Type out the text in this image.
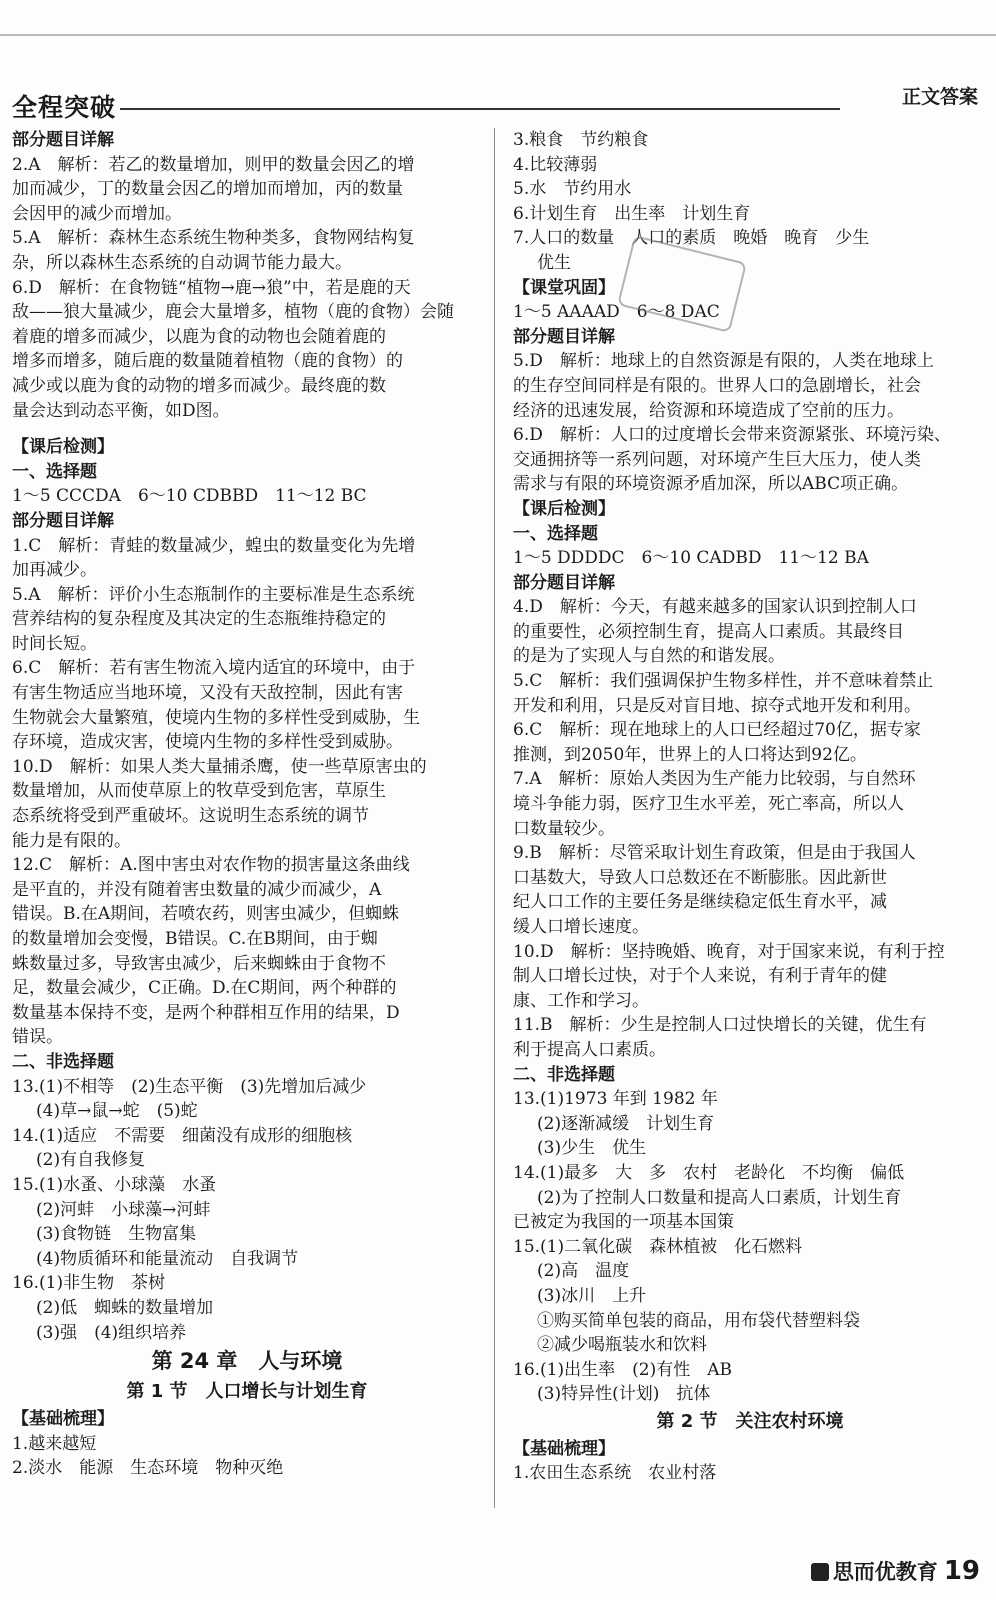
全程突破	正文答案
部分题目详解
2.A　解析：若乙的数量增加，则甲的数量会因乙的增
加而减少，丁的数量会因乙的增加而增加，丙的数量
会因甲的减少而增加。
5.A　解析：森林生态系统生物种类多，食物网结构复
杂，所以森林生态系统的自动调节能力最大。
6.D　解析：在食物链“植物→鹿→狼”中，若是鹿的天
敌——狼大量减少，鹿会大量增多，植物（鹿的食物）会随
着鹿的增多而减少，以鹿为食的动物也会随着鹿的
增多而增多，随后鹿的数量随着植物（鹿的食物）的
减少或以鹿为食的动物的增多而减少。最终鹿的数
量会达到动态平衡，如D图。
【课后检测】
一、选择题
1～5 CCCDA　6～10 CDBBD　11～12 BC
部分题目详解
1.C　解析：青蛙的数量减少，蝗虫的数量变化为先增
加再减少。
5.A　解析：评价小生态瓶制作的主要标准是生态系统
营养结构的复杂程度及其决定的生态瓶维持稳定的
时间长短。
6.C　解析：若有害生物流入境内适宜的环境中，由于
有害生物适应当地环境，又没有天敌控制，因此有害
生物就会大量繁殖，使境内生物的多样性受到威胁，生
存环境，造成灾害，使境内生物的多样性受到威胁。
10.D　解析：如果人类大量捕杀鹰，使一些草原害虫的
数量增加，从而使草原上的牧草受到危害，草原生
态系统将受到严重破坏。这说明生态系统的调节
能力是有限的。
12.C　解析：A.图中害虫对农作物的损害量这条曲线
是平直的，并没有随着害虫数量的减少而减少，A
错误。B.在A期间，若喷农药，则害虫减少，但蜘蛛
的数量增加会变慢，B错误。C.在B期间，由于蜘
蛛数量过多，导致害虫减少，后来蜘蛛由于食物不
足，数量会减少，C正确。D.在C期间，两个种群的
数量基本保持不变，是两个种群相互作用的结果，D
错误。
二、非选择题
13.(1)不相等　(2)生态平衡　(3)先增加后减少
(4)草→鼠→蛇　(5)蛇
14.(1)适应　不需要　细菌没有成形的细胞核
(2)有自我修复
15.(1)水蚤、小球藻　水蚤
(2)河蚌　小球藻→河蚌
(3)食物链　生物富集
(4)物质循环和能量流动　自我调节
16.(1)非生物　茶树
(2)低　蜘蛛的数量增加
(3)强　(4)组织培养
第 24 章　人与环境
第 1 节　人口增长与计划生育
【基础梳理】
1.越来越短
2.淡水　能源　生态环境　物种灭绝
3.粮食　节约粮食
4.比较薄弱
5.水　节约用水
6.计划生育　出生率　计划生育
7.人口的数量　人口的素质　晚婚　晚育　少生
优生
【课堂巩固】
1～5 AAAAD　6～8 DAC
部分题目详解
5.D　解析：地球上的自然资源是有限的，人类在地球上
的生存空间同样是有限的。世界人口的急剧增长，社会
经济的迅速发展，给资源和环境造成了空前的压力。
6.D　解析：人口的过度增长会带来资源紧张、环境污染、
交通拥挤等一系列问题，对环境产生巨大压力，使人类
需求与有限的环境资源矛盾加深，所以ABC项正确。
【课后检测】
一、选择题
1～5 DDDDC　6～10 CADBD　11～12 BA
部分题目详解
4.D　解析：今天，有越来越多的国家认识到控制人口
的重要性，必须控制生育，提高人口素质。其最终目
的是为了实现人与自然的和谐发展。
5.C　解析：我们强调保护生物多样性，并不意味着禁止
开发和利用，只是反对盲目地、掠夺式地开发和利用。
6.C　解析：现在地球上的人口已经超过70亿，据专家
推测，到2050年，世界上的人口将达到92亿。
7.A　解析：原始人类因为生产能力比较弱，与自然环
境斗争能力弱，医疗卫生水平差，死亡率高，所以人
口数量较少。
9.B　解析：尽管采取计划生育政策，但是由于我国人
口基数大，导致人口总数还在不断膨胀。因此新世
纪人口工作的主要任务是继续稳定低生育水平，减
缓人口增长速度。
10.D　解析：坚持晚婚、晚育，对于国家来说，有利于控
制人口增长过快，对于个人来说，有利于青年的健
康、工作和学习。
11.B　解析：少生是控制人口过快增长的关键，优生有
利于提高人口素质。
二、非选择题
13.(1)1973 年到 1982 年
(2)逐渐减缓　计划生育
(3)少生　优生
14.(1)最多　大　多　农村　老龄化　不均衡　偏低
(2)为了控制人口数量和提高人口素质，计划生育
已被定为我国的一项基本国策
15.(1)二氧化碳　森林植被　化石燃料
(2)高　温度
(3)冰川　上升
①购买简单包装的商品，用布袋代替塑料袋
②减少喝瓶装水和饮料
16.(1)出生率　(2)有性　AB
(3)特异性(计划)　抗体
第 2 节　关注农村环境
【基础梳理】
1.农田生态系统　农业村落
思而优教育 19
